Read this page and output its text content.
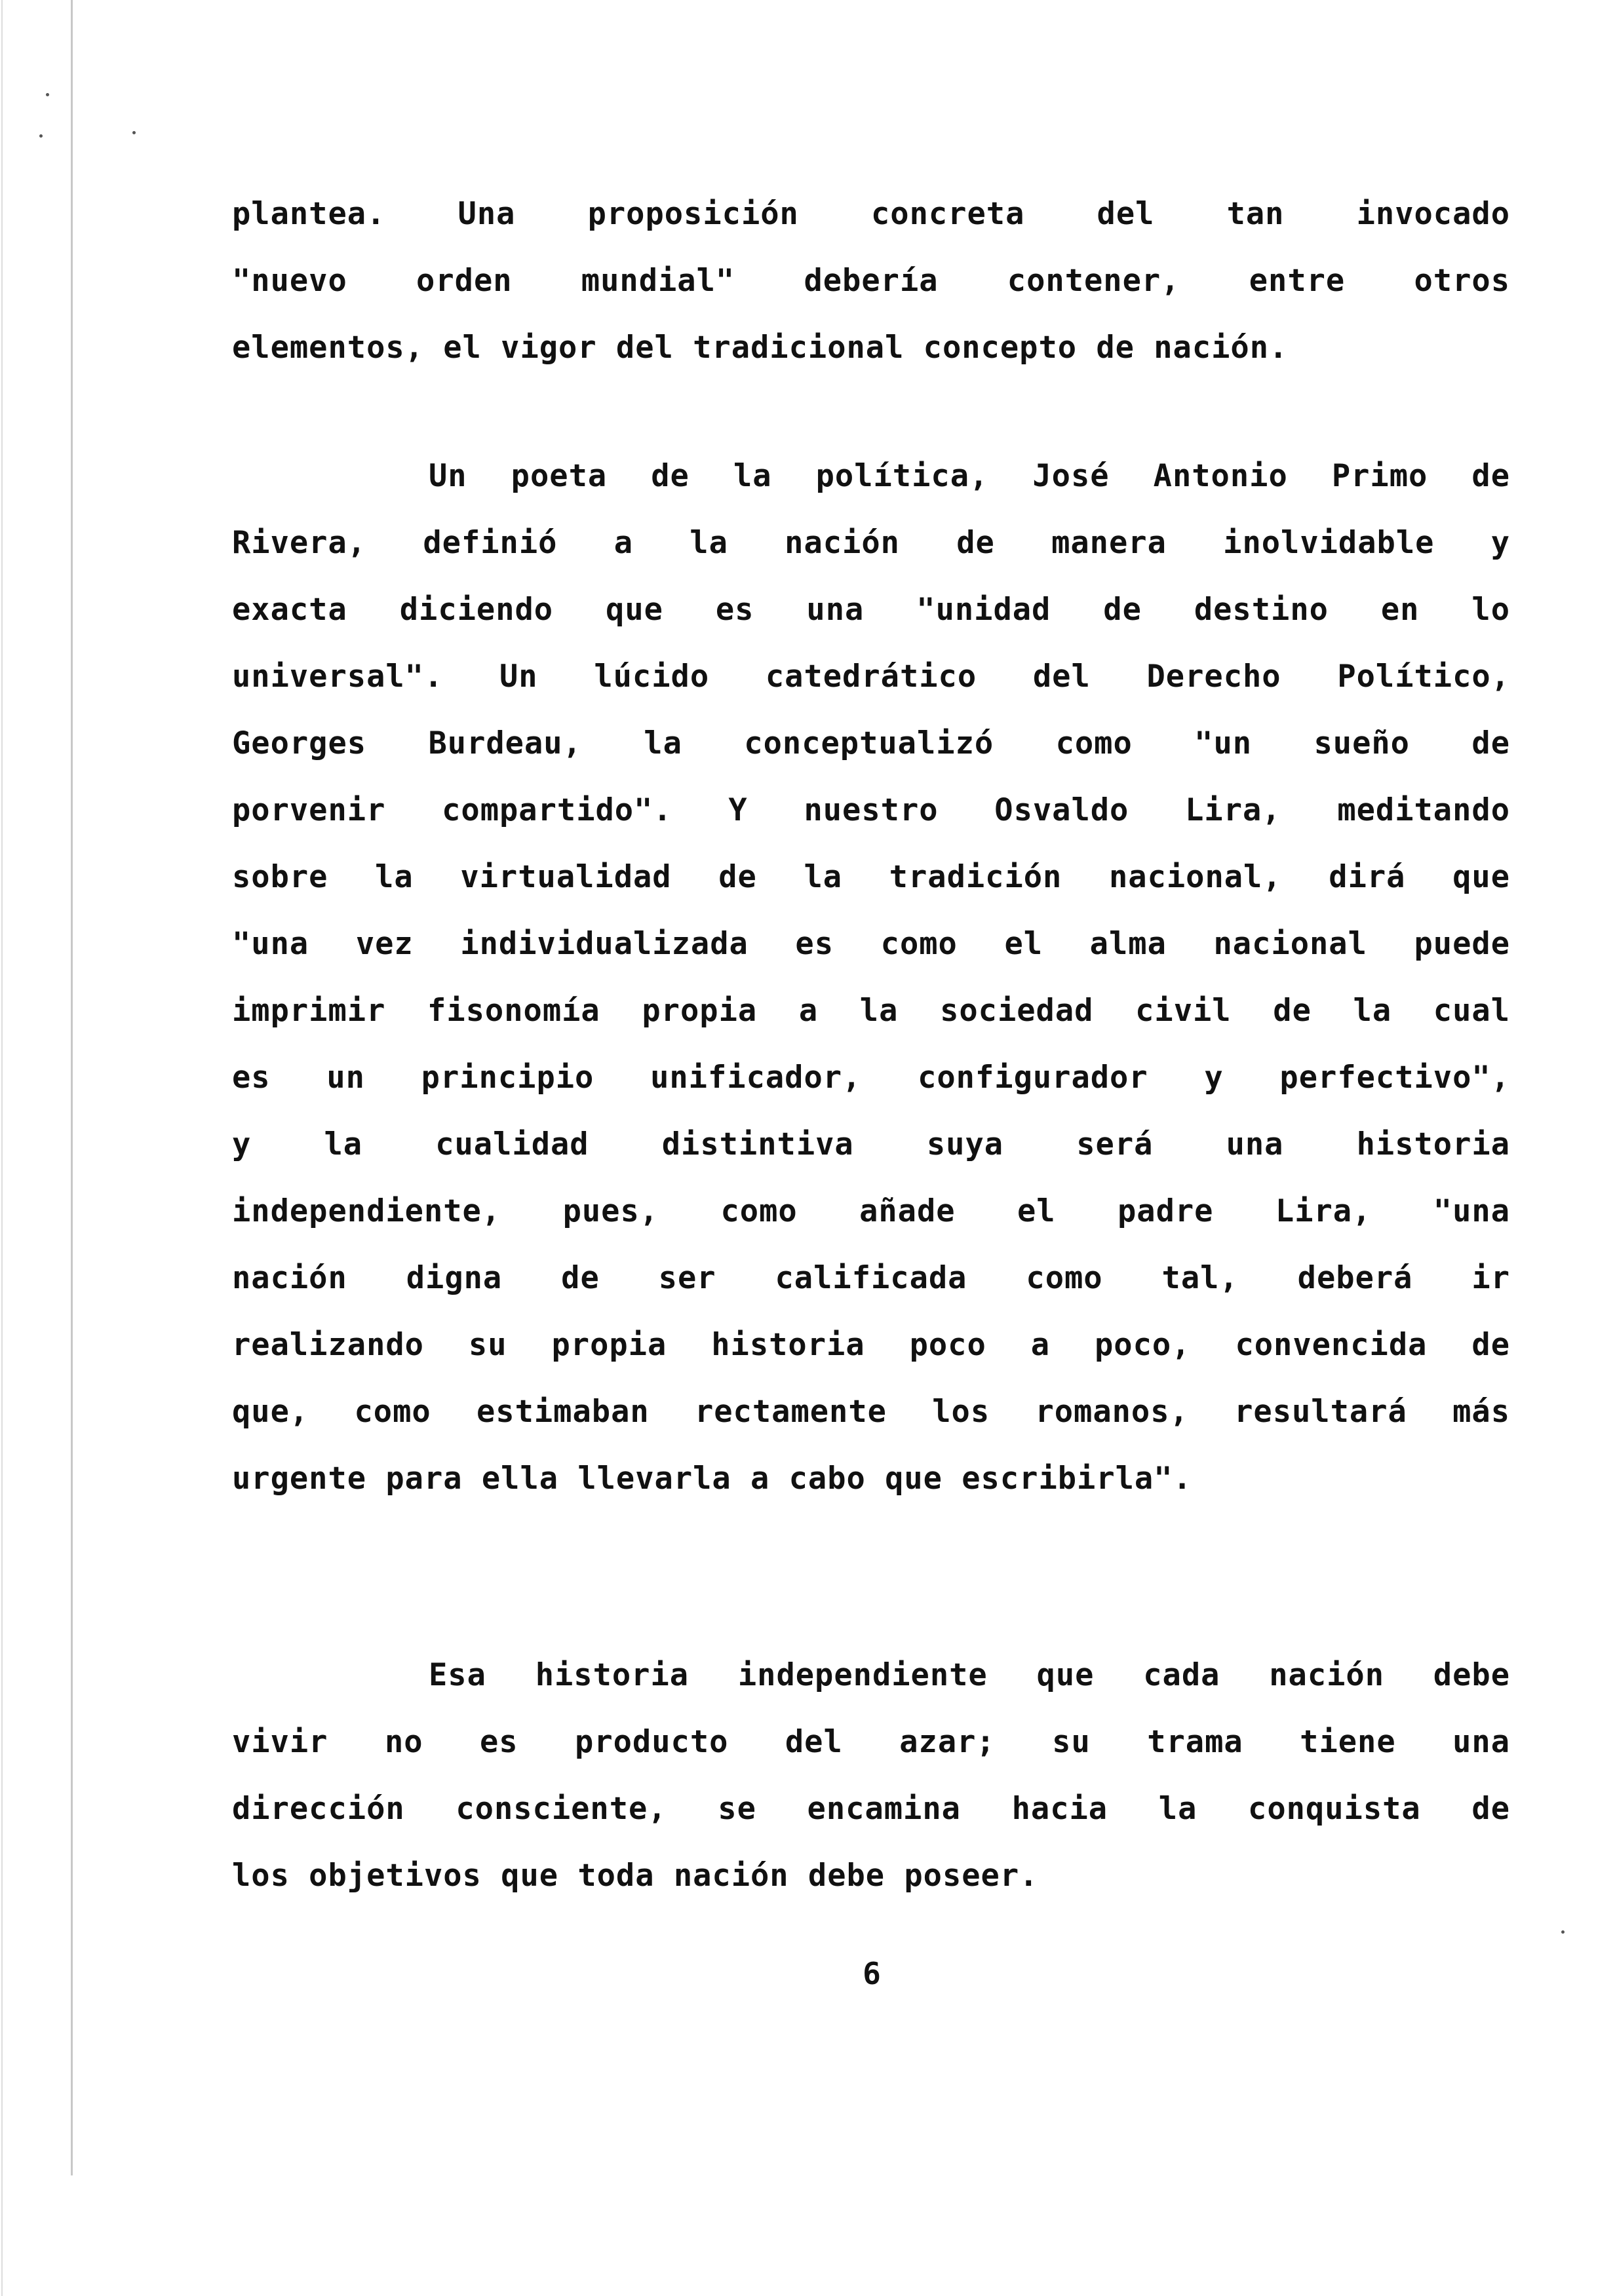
plantea. Una proposición concreta del tan invocado
"nuevo orden mundial" debería contener, entre otros
elementos, el vigor del tradicional concepto de nación.
Un poeta de la política, José Antonio Primo de
Rivera, definió a la nación de manera inolvidable y
exacta diciendo que es una "unidad de destino en lo
universal". Un lúcido catedrático del Derecho Político,
Georges Burdeau, la conceptualizó como "un sueño de
porvenir compartido". Y nuestro Osvaldo Lira, meditando
sobre la virtualidad de la tradición nacional, dirá que
"una vez individualizada es como el alma nacional puede
imprimir fisonomía propia a la sociedad civil de la cual
es un principio unificador, configurador y perfectivo",
y la cualidad distintiva suya será una historia
independiente, pues, como añade el padre Lira, "una
nación digna de ser calificada como tal, deberá ir
realizando su propia historia poco a poco, convencida de
que, como estimaban rectamente los romanos, resultará más
urgente para ella llevarla a cabo que escribirla".
Esa historia independiente que cada nación debe
vivir no es producto del azar; su trama tiene una
dirección consciente, se encamina hacia la conquista de
los objetivos que toda nación debe poseer.
6
